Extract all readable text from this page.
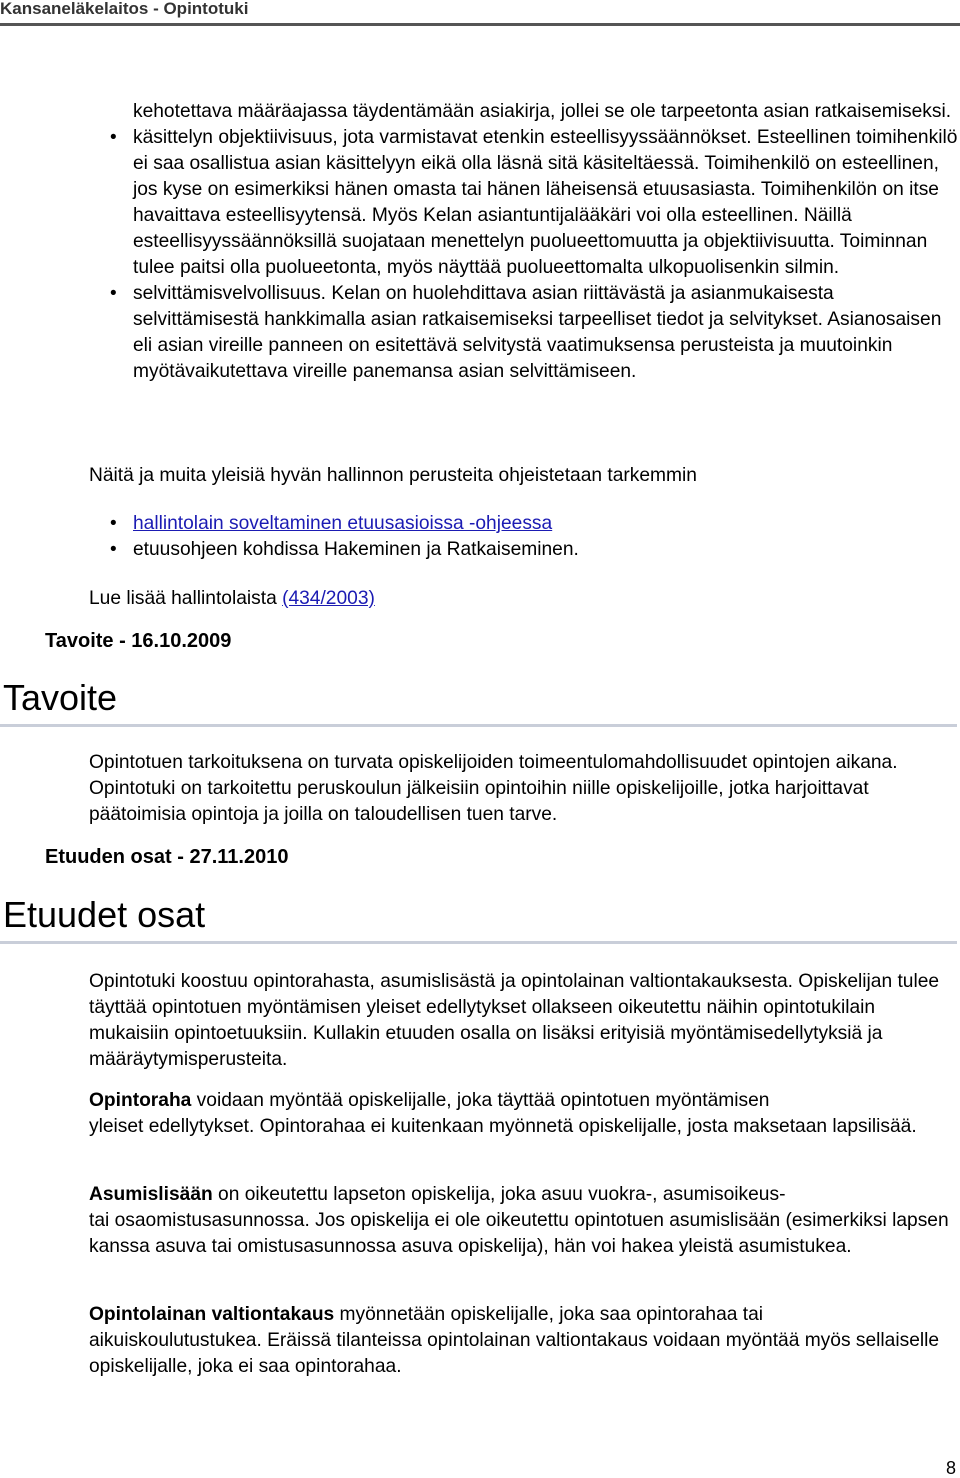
Kansaneläkelaitos - Opintotuki
kehotettava määräajassa täydentämään asiakirja, jollei se ole tarpeetonta asian ratkaisemiseksi.
• käsittelyn objektiivisuus, jota varmistavat etenkin esteellisyyssäännökset. Esteellinen toimihenkilö ei saa osallistua asian käsittelyyn eikä olla läsnä sitä käsiteltäessä. Toimihenkilö on esteellinen, jos kyse on esimerkiksi hänen omasta tai hänen läheisensä etuusasiasta. Toimihenkilön on itse havaittava esteellisyytensä. Myös Kelan asiantuntijalääkäri voi olla esteellinen. Näillä esteellisyyssäännöksillä suojataan menettelyn puolueettomuutta ja objektiivisuutta. Toiminnan tulee paitsi olla puolueetonta, myös näyttää puolueettomalta ulkopuolisenkin silmin.
• selvittämisvelvollisuus. Kelan on huolehdittava asian riittävästä ja asianmukaisesta selvittämisestä hankkimalla asian ratkaisemiseksi tarpeelliset tiedot ja selvitykset. Asianosaisen eli asian vireille panneen on esitettävä selvitystä vaatimuksensa perusteista ja muutoinkin myötävaikutettava vireille panemansa asian selvittämiseen.

Näitä ja muita yleisiä hyvän hallinnon perusteita ohjeistetaan tarkemmin

• hallintolain soveltaminen etuusasioissa -ohjeessa
• etuusohjeen kohdissa Hakeminen ja Ratkaiseminen.

Lue lisää hallintolaista (434/2003)

Tavoite - 16.10.2009
Tavoite

Opintotuen tarkoituksena on turvata opiskelijoiden toimeentulomahdollisuudet opintojen aikana. Opintotuki on tarkoitettu peruskoulun jälkeisiin opintoihin niille opiskelijoille, jotka harjoittavat päätoimisia opintoja ja joilla on taloudellisen tuen tarve.

Etuuden osat - 27.11.2010
Etuudet osat

Opintotuki koostuu opintorahasta, asumislisästä ja opintolainan valtiontakauksesta. Opiskelijan tulee täyttää opintotuen myöntämisen yleiset edellytykset ollakseen oikeutettu näihin opintotukilain mukaisiin opintoetuuksiin. Kullakin etuuden osalla on lisäksi erityisiä myöntämisedellytyksiä ja määräytymisperusteita.

Opintoraha voidaan myöntää opiskelijalle, joka täyttää opintotuen myöntämisen
yleiset edellytykset. Opintorahaa ei kuitenkaan myönnetä opiskelijalle, josta maksetaan lapsilisää.
Asumislisään on oikeutettu lapseton opiskelija, joka asuu vuokra-, asumisoikeus-
tai osaomistusasunnossa. Jos opiskelija ei ole oikeutettu opintotuen asumislisään (esimerkiksi lapsen kanssa asuva tai omistusasunnossa asuva opiskelija), hän voi hakea yleistä asumistukea.
Opintolainan valtiontakaus myönnetään opiskelijalle, joka saa opintorahaa tai
aikuiskoulutustukea. Eräissä tilanteissa opintolainan valtiontakaus voidaan myöntää myös sellaiselle opiskelijalle, joka ei saa opintorahaa.
8
